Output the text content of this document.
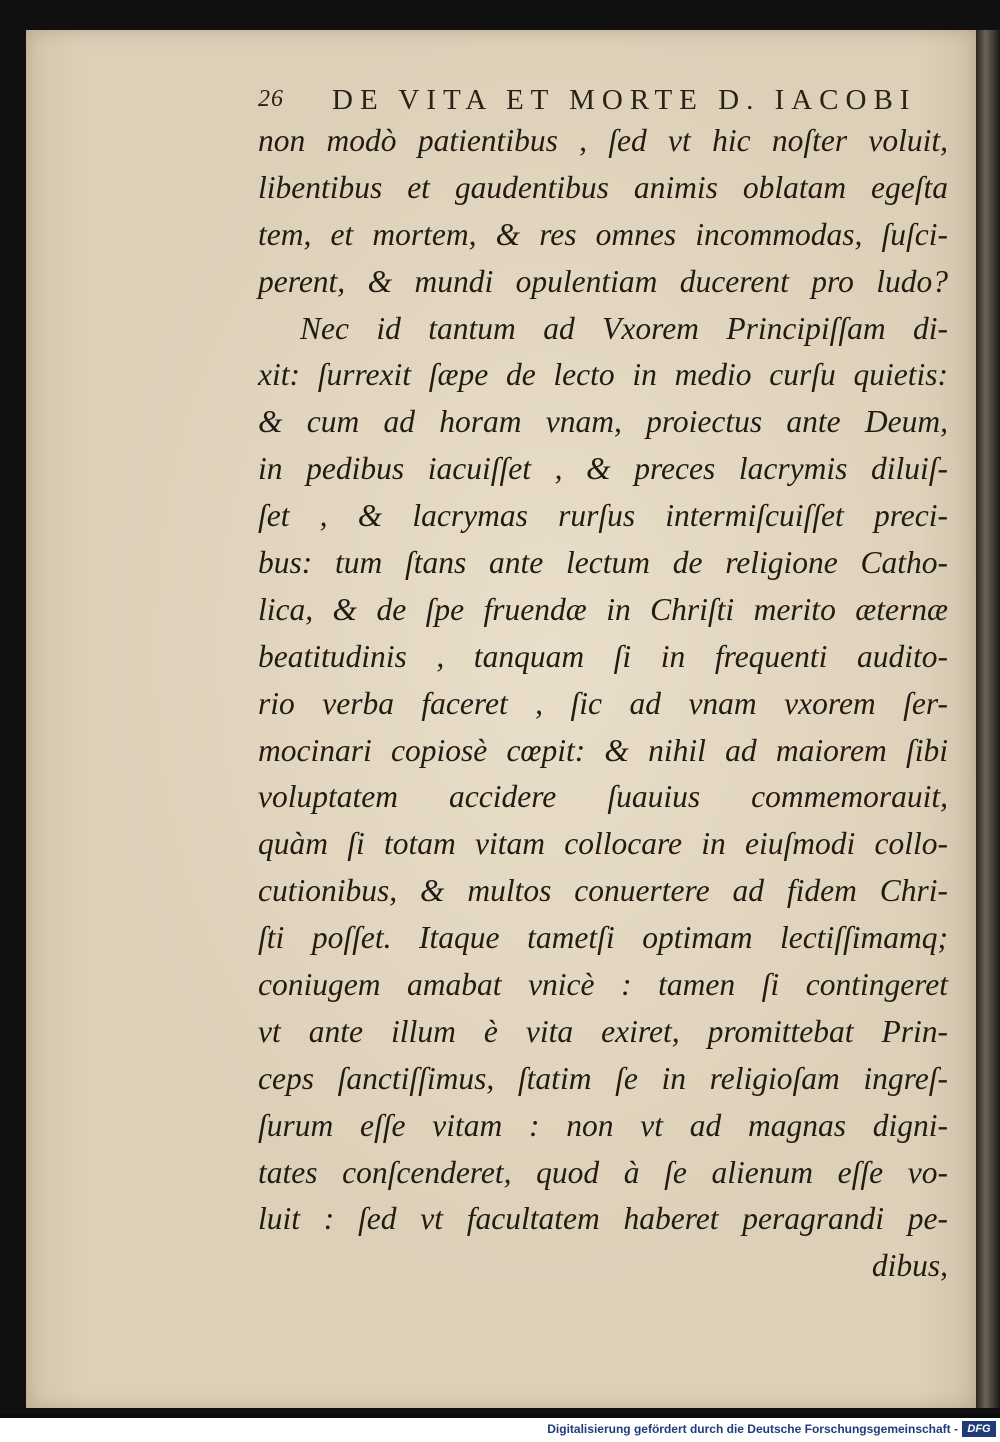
26 DE VITA ET MORTE D. IACOBI
non modò patientibus , ſed vt hic noſter voluit,
libentibus et gaudentibus animis oblatam egeſta
tem, et mortem, & res omnes incommodas, ſuſci-
perent, & mundi opulentiam ducerent pro ludo?
Nec id tantum ad Vxorem Principiſſam di-
xit: ſurrexit ſæpe de lecto in medio curſu quietis:
& cum ad horam vnam, proiectus ante Deum,
in pedibus iacuiſſet , & preces lacrymis diluiſ-
ſet , & lacrymas rurſus intermiſcuiſſet preci-
bus: tum ſtans ante lectum de religione Catho-
lica, & de ſpe fruendæ in Chriſti merito æternæ
beatitudinis , tanquam ſi in frequenti audito-
rio verba faceret , ſic ad vnam vxorem ſer-
mocinari copiosè cœpit: & nihil ad maiorem ſibi
voluptatem accidere ſuauius commemorauit,
quàm ſi totam vitam collocare in eiuſmodi collo-
cutionibus, & multos conuertere ad fidem Chri-
ſti poſſet. Itaque tametſi optimam lectiſſimamq;
coniugem amabat vnicè : tamen ſi contingeret
vt ante illum è vita exiret, promittebat Prin-
ceps ſanctiſſimus, ſtatim ſe in religioſam ingreſ-
ſurum eſſe vitam : non vt ad magnas digni-
tates conſcenderet, quod à ſe alienum eſſe vo-
luit : ſed vt facultatem haberet peragrandi pe-
dibus,
Digitalisierung gefördert durch die Deutsche Forschungsgemeinschaft - DFG
